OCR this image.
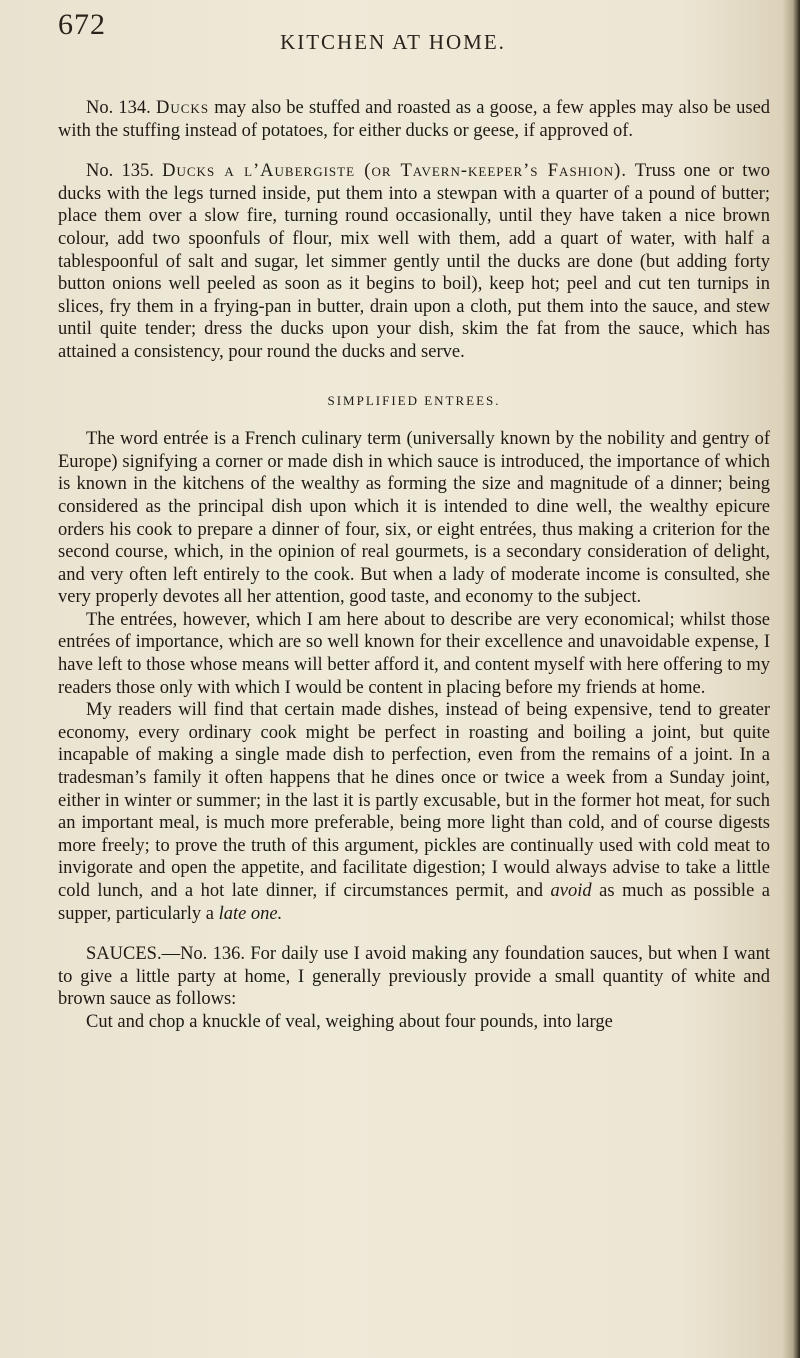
672
KITCHEN AT HOME.

No. 134. Ducks may also be stuffed and roasted as a goose, a few apples may also be used with the stuffing instead of potatoes, for either ducks or geese, if approved of.

No. 135. Ducks a l’Aubergiste (or Tavern-keeper’s Fashion). Truss one or two ducks with the legs turned inside, put them into a stewpan with a quarter of a pound of butter; place them over a slow fire, turning round occasionally, until they have taken a nice brown colour, add two spoonfuls of flour, mix well with them, add a quart of water, with half a tablespoonful of salt and sugar, let simmer gently until the ducks are done (but adding forty button onions well peeled as soon as it begins to boil), keep hot; peel and cut ten turnips in slices, fry them in a frying-pan in butter, drain upon a cloth, put them into the sauce, and stew until quite tender; dress the ducks upon your dish, skim the fat from the sauce, which has attained a consistency, pour round the ducks and serve.

SIMPLIFIED ENTREES.

The word entrée is a French culinary term (universally known by the nobility and gentry of Europe) signifying a corner or made dish in which sauce is introduced, the importance of which is known in the kitchens of the wealthy as forming the size and magnitude of a dinner; being considered as the principal dish upon which it is intended to dine well, the wealthy epicure orders his cook to prepare a dinner of four, six, or eight entrées, thus making a criterion for the second course, which, in the opinion of real gourmets, is a secondary consideration of delight, and very often left entirely to the cook. But when a lady of moderate income is consulted, she very properly devotes all her attention, good taste, and economy to the subject.

The entrées, however, which I am here about to describe are very economical; whilst those entrées of importance, which are so well known for their excellence and unavoidable expense, I have left to those whose means will better afford it, and content myself with here offering to my readers those only with which I would be content in placing before my friends at home.

My readers will find that certain made dishes, instead of being expensive, tend to greater economy, every ordinary cook might be perfect in roasting and boiling a joint, but quite incapable of making a single made dish to perfection, even from the remains of a joint. In a tradesman’s family it often happens that he dines once or twice a week from a Sunday joint, either in winter or summer; in the last it is partly excusable, but in the former hot meat, for such an important meal, is much more preferable, being more light than cold, and of course digests more freely; to prove the truth of this argument, pickles are continually used with cold meat to invigorate and open the appetite, and facilitate digestion; I would always advise to take a little cold lunch, and a hot late dinner, if circumstances permit, and avoid as much as possible a supper, particularly a late one.

SAUCES.—No. 136. For daily use I avoid making any foundation sauces, but when I want to give a little party at home, I generally previously provide a small quantity of white and brown sauce as follows:

Cut and chop a knuckle of veal, weighing about four pounds, into large
